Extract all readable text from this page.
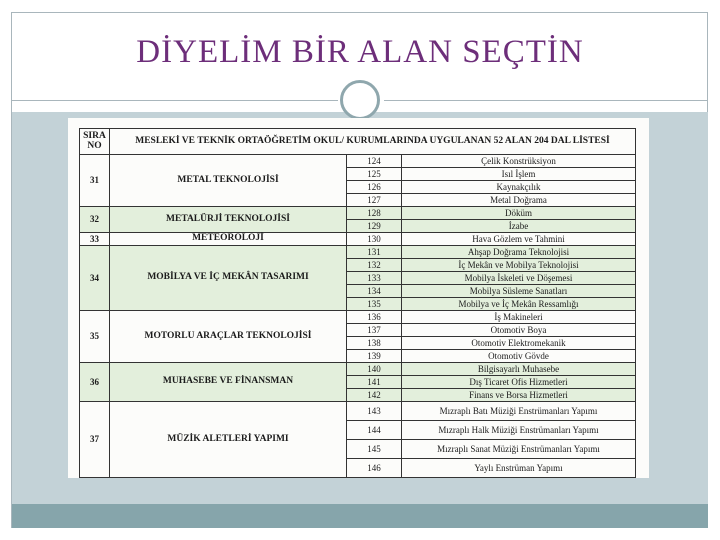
DİYELİM BİR ALAN SEÇTİN
SIRA NO	MESLEKİ VE TEKNİK ORTAÖĞRETİM OKUL/ KURUMLARINDA UYGULANAN 52 ALAN 204 DAL LİSTESİ		
31	METAL TEKNOLOJİSİ	124	Çelik Konstrüksiyon
		125	Isıl İşlem
		126	Kaynakçılık
		127	Metal Doğrama
32	METALÜRJİ TEKNOLOJİSİ	128	Döküm
		129	İzabe
33	METEOROLOJİ	130	Hava Gözlem ve Tahmini
34	MOBİLYA VE İÇ MEKÂN TASARIMI	131	Ahşap Doğrama Teknolojisi
		132	İç Mekân ve Mobilya Teknolojisi
		133	Mobilya İskeleti ve Döşemesi
		134	Mobilya Süsleme Sanatları
		135	Mobilya ve İç Mekân Ressamlığı
35	MOTORLU ARAÇLAR TEKNOLOJİSİ	136	İş Makineleri
		137	Otomotiv Boya
		138	Otomotiv Elektromekanik
		139	Otomotiv Gövde
36	MUHASEBE VE FİNANSMAN	140	Bilgisayarlı Muhasebe
		141	Dış Ticaret Ofis Hizmetleri
		142	Finans ve Borsa Hizmetleri
37	MÜZİK ALETLERİ YAPIMI	143	Mızraplı Batı Müziği Enstrümanları Yapımı
		144	Mızraplı Halk Müziği Enstrümanları Yapımı
		145	Mızraplı Sanat Müziği Enstrümanları Yapımı
		146	Yaylı Enstrüman Yapımı
